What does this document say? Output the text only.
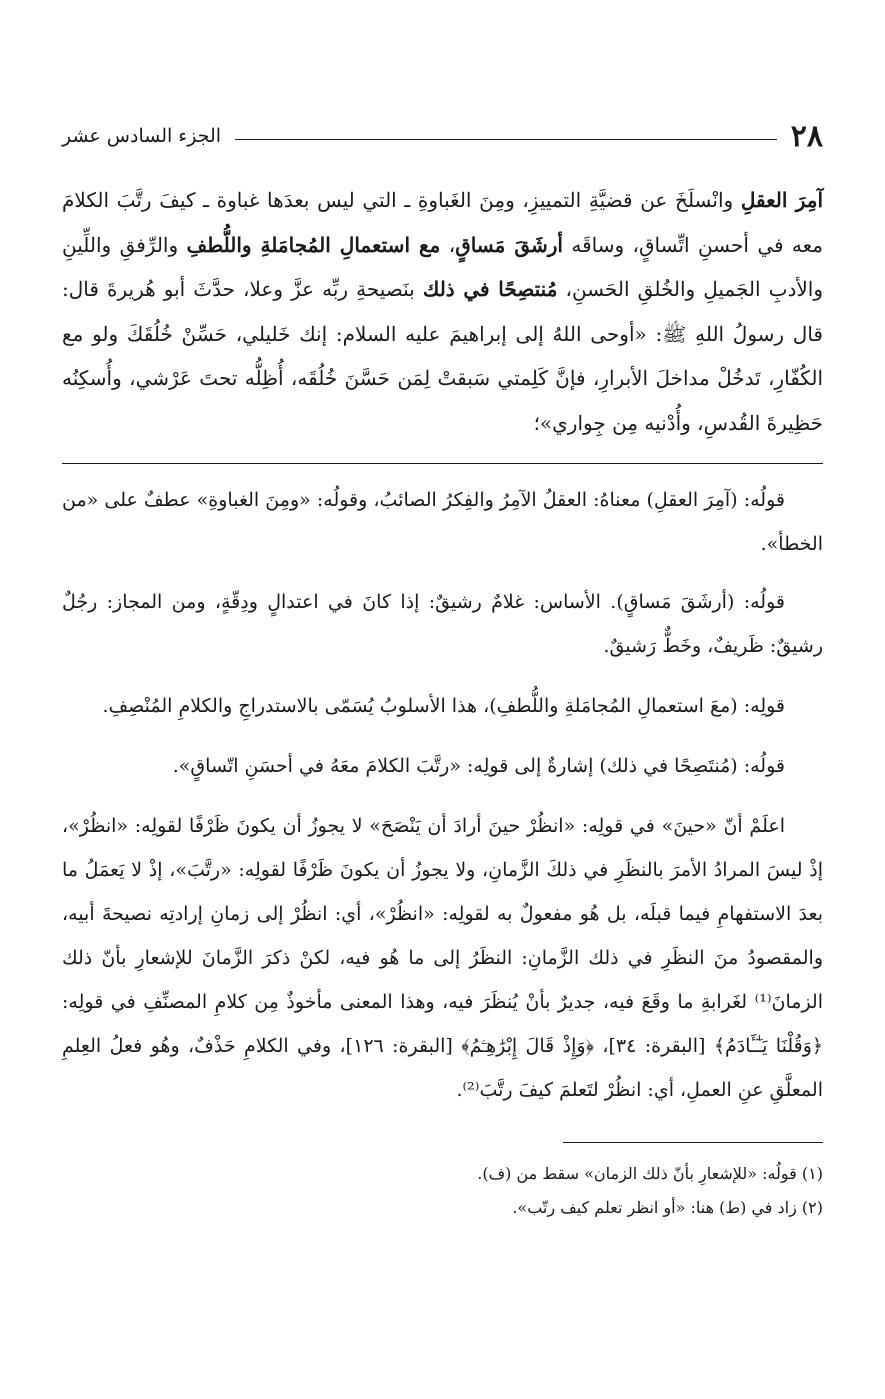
٢٨
الجزء السادس عشر
آمِرَ العقلِ وانْسلَخَ عن قضيَّةِ التمييزِ، ومِنَ الغَباوةِ ـ التي ليس بعدَها غباوة ـ كيفَ رتَّبَ الكلامَ معه في أحسنِ اتِّساقٍ، وساقَه أرشَقَ مَساقٍ، مع استعمالِ المُجامَلةِ واللُّطفِ والرِّفقِ واللِّينِ والأدبِ الجَميلِ والخُلقِ الحَسنِ، مُنتصِحًا في ذلك بنَصيحةِ ربِّه عزَّ وعلا، حدَّثَ أبو هُريرةَ قال: قال رسولُ اللهِ ﷺ: «أوحى اللهُ إلى إبراهيمَ عليه السلام: إنك خَليلي، حَسِّنْ خُلُقَكَ ولو مع الكُفّارِ، تَدخُلْ مداخلَ الأبرارِ، فإنَّ كَلِمتي سَبقتْ لِمَن حَسَّنَ خُلُقَه، أُظِلُّه تحتَ عَرْشي، وأُسكِنُه حَظِيرةَ القُدسِ، وأُدْنيه مِن جِواري»؛

قولُه: (آمِرَ العقلِ) معناهُ: العقلُ الآمِرُ والفِكرُ الصائبُ، وقولُه: «ومِنَ الغباوةِ» عطفٌ على «من الخطأ».

قولُه: (أرشَقَ مَساقٍ). الأساس: غلامٌ رشيقٌ: إذا كانَ في اعتدالٍ ودِقّةٍ، ومن المجاز: رجُلٌ رشيقٌ: ظَريفٌ، وخَطٌّ رَشيقٌ.

قولِه: (معَ استعمالِ المُجامَلةِ واللُّطفِ)، هذا الأسلوبُ يُسَمّى بالاستدراجِ والكلامِ المُنْصِفِ.

قولُه: (مُنتَصِحًا في ذلك) إشارةٌ إلى قولِه: «رتَّبَ الكلامَ معَهُ في أحسَنِ اتّساقٍ».

اعلَمْ أنّ «حينَ» في قولِه: «انظُرْ حينَ أرادَ أن يَنْصَحَ» لا يجوزُ أن يكونَ ظَرْفًا لقولِه: «انظُرْ»، إذْ ليسَ المرادُ الأمرَ بالنظَرِ في ذلكَ الزَّمانِ، ولا يجوزُ أن يكونَ ظَرْفًا لقولِه: «رتَّبَ»، إذْ لا يَعمَلُ ما بعدَ الاستفهامِ فيما قبلَه، بل هُو مفعولٌ به لقولِه: «انظُرْ»، أي: انظُرْ إلى زمانِ إرادتِه نصيحةَ أبيه، والمقصودُ منَ النظَرِ في ذلك الزَّمانِ: النظَرُ إلى ما هُو فيه، لكنْ ذكرَ الزَّمانَ للإشعارِ بأنّ ذلك الزمانَ⁽¹⁾ لغَرابةِ ما وقَعَ فيه، جديرٌ بأنْ يُنظَرَ فيه، وهذا المعنى مأخوذٌ مِن كلامِ المصنِّفِ في قولِه: ﴿وَقُلْنَا يَـٰٓـَٔادَمُ﴾ [البقرة: ٣٤]، ﴿وَإِذْ قَالَ إِبْرَٰهِـۧمُ﴾ [البقرة: ١٢٦]، وفي الكلامِ حَذْفٌ، وهُو فعلُ العِلمِ المعلَّقِ عنِ العملِ، أي: انظُرْ لتَعلمَ كيفَ رتَّبَ⁽²⁾.

(١) قولُه: «للإشعارِ بأنّ ذلك الزمان» سقط من (ف).

(٢) زاد في (ط) هنا: «أو انظر تعلم كيف رتّب».
